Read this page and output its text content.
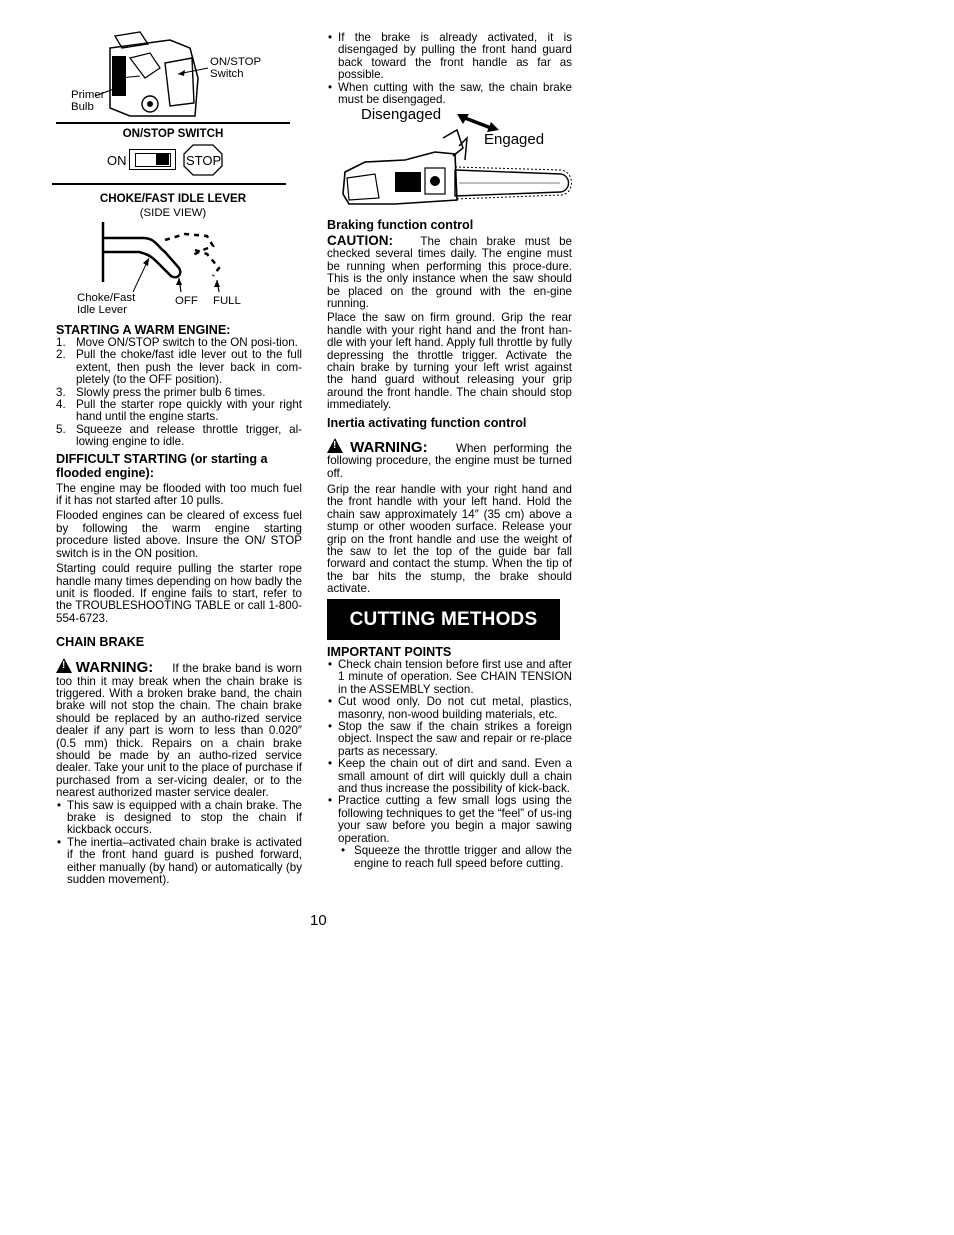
ON/STOP
Switch
Primer
Bulb
ON/STOP SWITCH
ON	STOP
CHOKE/FAST IDLE LEVER
(SIDE VIEW)
Choke/Fast
Idle Lever
OFF FULL
STARTING A WARM ENGINE:
1. Move ON/STOP switch to the ON posi-tion.
2. Pull the choke/fast idle lever out to the full extent, then push the lever back in com-pletely (to the OFF position).
3. Slowly press the primer bulb 6 times.
4. Pull the starter rope quickly with your right hand until the engine starts.
5. Squeeze and release throttle trigger, al-lowing engine to idle.
DIFFICULT STARTING (or starting a flooded engine):

The engine may be flooded with too much fuel if it has not started after 10 pulls.

Flooded engines can be cleared of excess fuel by following the warm engine starting procedure listed above. Insure the ON/ STOP switch is in the ON position.

Starting could require pulling the starter rope handle many times depending on how badly the unit is flooded. If engine fails to start, refer to the TROUBLESHOOTING TABLE or call 1-800-554-6723.

CHAIN BRAKE

! WARNING: If the brake band is worn too thin it may break when the chain brake is triggered. With a broken brake band, the chain brake will not stop the chain. The chain brake should be replaced by an autho-rized service dealer if any part is worn to less than 0.020″ (0.5 mm) thick. Repairs on a chain brake should be made by an autho-rized service dealer. Take your unit to the place of purchase if purchased from a ser-vicing dealer, or to the nearest authorized master service dealer.

• This saw is equipped with a chain brake. The brake is designed to stop the chain if kickback occurs.
• The inertia–activated chain brake is activated if the front hand guard is pushed forward, either manually (by hand) or automatically (by sudden movement).
• If the brake is already activated, it is disengaged by pulling the front hand guard back toward the front handle as far as possible.
• When cutting with the saw, the chain brake must be disengaged.
Disengaged
Engaged
Braking function control

CAUTION: The chain brake must be checked several times daily. The engine must be running when performing this proce-dure. This is the only instance when the saw should be placed on the ground with the en-gine running.

Place the saw on firm ground. Grip the rear handle with your right hand and the front han-dle with your left hand. Apply full throttle by fully depressing the throttle trigger. Activate the chain brake by turning your left wrist against the hand guard without releasing your grip around the front handle. The chain should stop immediately.

Inertia activating function control

! WARNING: When performing the following procedure, the engine must be turned off.

Grip the rear handle with your right hand and the front handle with your left hand. Hold the chain saw approximately 14″ (35 cm) above a stump or other wooden surface. Release your grip on the front handle and use the weight of the saw to let the top of the guide bar fall forward and contact the stump. When the tip of the bar hits the stump, the brake should activate.

CUTTING METHODS
IMPORTANT POINTS
• Check chain tension before first use and after 1 minute of operation. See CHAIN TENSION in the ASSEMBLY section.
• Cut wood only. Do not cut metal, plastics, masonry, non-wood building materials, etc.
• Stop the saw if the chain strikes a foreign object. Inspect the saw and repair or re-place parts as necessary.
• Keep the chain out of dirt and sand. Even a small amount of dirt will quickly dull a chain and thus increase the possibility of kick-back.
• Practice cutting a few small logs using the following techniques to get the “feel” of us-ing your saw before you begin a major sawing operation.
• Squeeze the throttle trigger and allow the engine to reach full speed before cutting.
10
